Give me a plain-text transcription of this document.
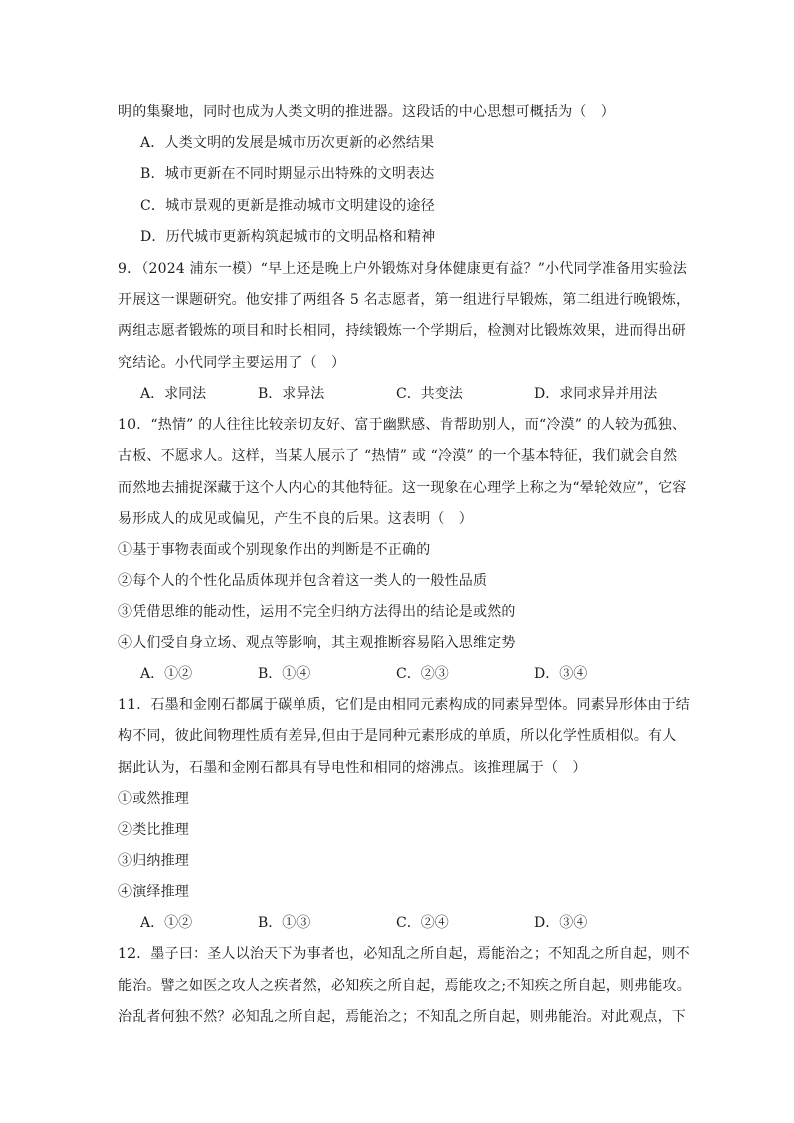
明的集聚地，同时也成为人类文明的推进器。这段话的中心思想可概括为（　）
A．人类文明的发展是城市历次更新的必然结果
B．城市更新在不同时期显示出特殊的文明表达
C．城市景观的更新是推动城市文明建设的途径
D．历代城市更新构筑起城市的文明品格和精神
9．（2024 浦东一模）“早上还是晚上户外锻炼对身体健康更有益？”小代同学准备用实验法
开展这一课题研究。他安排了两组各 5 名志愿者，第一组进行早锻炼，第二组进行晚锻炼，
两组志愿者锻炼的项目和时长相同，持续锻炼一个学期后，检测对比锻炼效果，进而得出研
究结论。小代同学主要运用了（　）
A．求同法	B．求异法	C．共变法	D．求同求异并用法
10．“热情” 的人往往比较亲切友好、富于幽默感、肯帮助别人，而“冷漠” 的人较为孤独、
古板、不愿求人。这样，当某人展示了 “热情” 或 “冷漠” 的一个基本特征，我们就会自然
而然地去捕捉深藏于这个人内心的其他特征。这一现象在心理学上称之为“晕轮效应”，它容
易形成人的成见或偏见，产生不良的后果。这表明（　）
①基于事物表面或个别现象作出的判断是不正确的
②每个人的个性化品质体现并包含着这一类人的一般性品质
③凭借思维的能动性，运用不完全归纳方法得出的结论是或然的
④人们受自身立场、观点等影响，其主观推断容易陷入思维定势
A．①②	B．①④	C．②③	D．③④
11．石墨和金刚石都属于碳单质，它们是由相同元素构成的同素异型体。同素异形体由于结
构不同，彼此间物理性质有差异,但由于是同种元素形成的单质，所以化学性质相似。有人
据此认为，石墨和金刚石都具有导电性和相同的熔沸点。该推理属于（　）
①或然推理
②类比推理
③归纳推理
④演绎推理
A．①②	B．①③	C．②④	D．③④
12．墨子曰：圣人以治天下为事者也，必知乱之所自起，焉能治之；不知乱之所自起，则不
能治。譬之如医之攻人之疾者然，必知疾之所自起，焉能攻之;不知疾之所自起，则弗能攻。
治乱者何独不然？必知乱之所自起，焉能治之；不知乱之所自起，则弗能治。对此观点，下
